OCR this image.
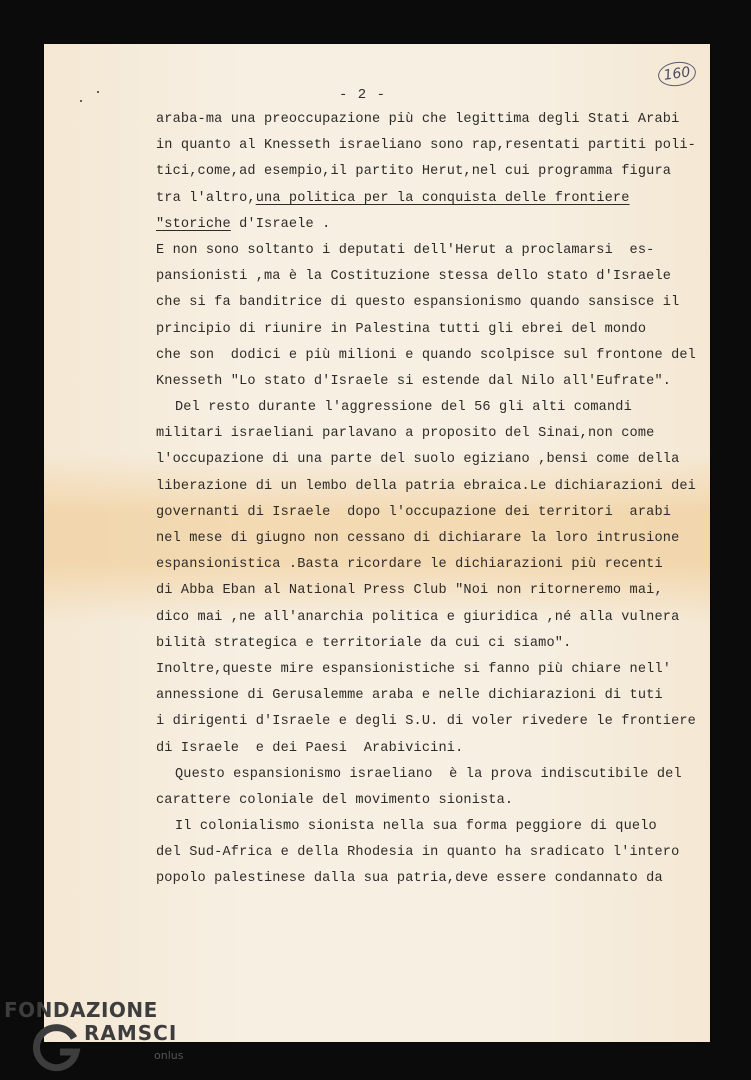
- 2 -
160
araba-ma una preoccupazione più che legittima degli Stati Arabi
in quanto al Knesseth israeliano sono rap,resentati partiti poli-
tici,come,ad esempio,il partito Herut,nel cui programma figura
tra l'altro,una politica per la conquista delle frontiere
"storiche d'Israele .
E non sono soltanto i deputati dell'Herut a proclamarsi  es-
pansionisti ,ma è la Costituzione stessa dello stato d'Israele
che si fa banditrice di questo espansionismo quando sansisce il
principio di riunire in Palestina tutti gli ebrei del mondo
che son  dodici e più milioni e quando scolpisce sul frontone del
Knesseth "Lo stato d'Israele si estende dal Nilo all'Eufrate".
Del resto durante l'aggressione del 56 gli alti comandi
militari israeliani parlavano a proposito del Sinai,non come
l'occupazione di una parte del suolo egiziano ,bensi come della
liberazione di un lembo della patria ebraica.Le dichiarazioni dei
governanti di Israele  dopo l'occupazione dei territori  arabi
nel mese di giugno non cessano di dichiarare la loro intrusione
espansionistica .Basta ricordare le dichiarazioni più recenti
di Abba Eban al National Press Club "Noi non ritorneremo mai,
dico mai ,ne all'anarchia politica e giuridica ,né alla vulnera
bilità strategica e territoriale da cui ci siamo".
Inoltre,queste mire espansionistiche si fanno più chiare nell'
annessione di Gerusalemme araba e nelle dichiarazioni di tuti
i dirigenti d'Israele e degli S.U. di voler rivedere le frontiere
di Israele  e dei Paesi  Arabivicini.
Questo espansionismo israeliano  è la prova indiscutibile del
carattere coloniale del movimento sionista.
Il colonialismo sionista nella sua forma peggiore di quelo
del Sud-Africa e della Rhodesia in quanto ha sradicato l'intero
popolo palestinese dalla sua patria,deve essere condannato da
FONDAZIONE
RAMSCI
onlus
